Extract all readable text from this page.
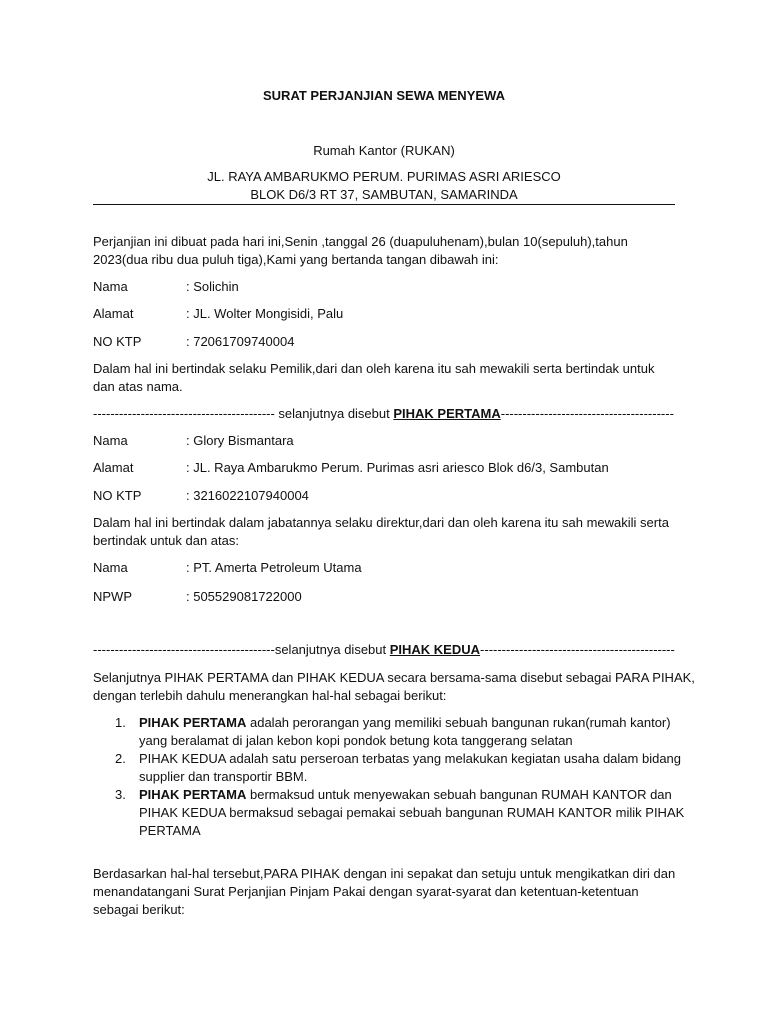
SURAT PERJANJIAN SEWA MENYEWA
Rumah Kantor (RUKAN)
JL. RAYA AMBARUKMO PERUM. PURIMAS ASRI ARIESCO
BLOK D6/3 RT 37, SAMBUTAN, SAMARINDA
Perjanjian ini dibuat pada hari ini,Senin ,tanggal 26 (duapuluhenam),bulan 10(sepuluh),tahun
2023(dua ribu dua puluh tiga),Kami yang bertanda tangan dibawah ini:
Nama	: Solichin
Alamat	: JL. Wolter Mongisidi, Palu
NO KTP	: 72061709740004
Dalam hal ini bertindak selaku Pemilik,dari dan oleh karena itu sah mewakili serta bertindak untuk
dan atas nama.
------------------------------------------ selanjutnya disebut PIHAK PERTAMA----------------------------------------
Nama	: Glory Bismantara
Alamat	: JL. Raya Ambarukmo Perum. Purimas asri ariesco Blok d6/3, Sambutan
NO KTP	: 3216022107940004
Dalam hal ini bertindak dalam jabatannya selaku direktur,dari dan oleh karena itu sah mewakili serta
bertindak untuk dan atas:
Nama	: PT. Amerta Petroleum Utama
NPWP	: 505529081722000
------------------------------------------selanjutnya disebut PIHAK KEDUA---------------------------------------------
Selanjutnya PIHAK PERTAMA dan PIHAK KEDUA secara bersama-sama disebut sebagai PARA PIHAK,
dengan terlebih dahulu menerangkan hal-hal sebagai berikut:
1. PIHAK PERTAMA adalah perorangan yang memiliki sebuah bangunan rukan(rumah kantor)
yang beralamat di jalan kebon kopi pondok betung kota tanggerang selatan
2. PIHAK KEDUA adalah satu perseroan terbatas yang melakukan kegiatan usaha dalam bidang
supplier dan transportir BBM.
3. PIHAK PERTAMA bermaksud untuk menyewakan sebuah bangunan RUMAH KANTOR dan
PIHAK KEDUA bermaksud sebagai pemakai sebuah bangunan RUMAH KANTOR milik PIHAK
PERTAMA
Berdasarkan hal-hal tersebut,PARA PIHAK dengan ini sepakat dan setuju untuk mengikatkan diri dan
menandatangani Surat Perjanjian Pinjam Pakai dengan syarat-syarat dan ketentuan-ketentuan
sebagai berikut:
